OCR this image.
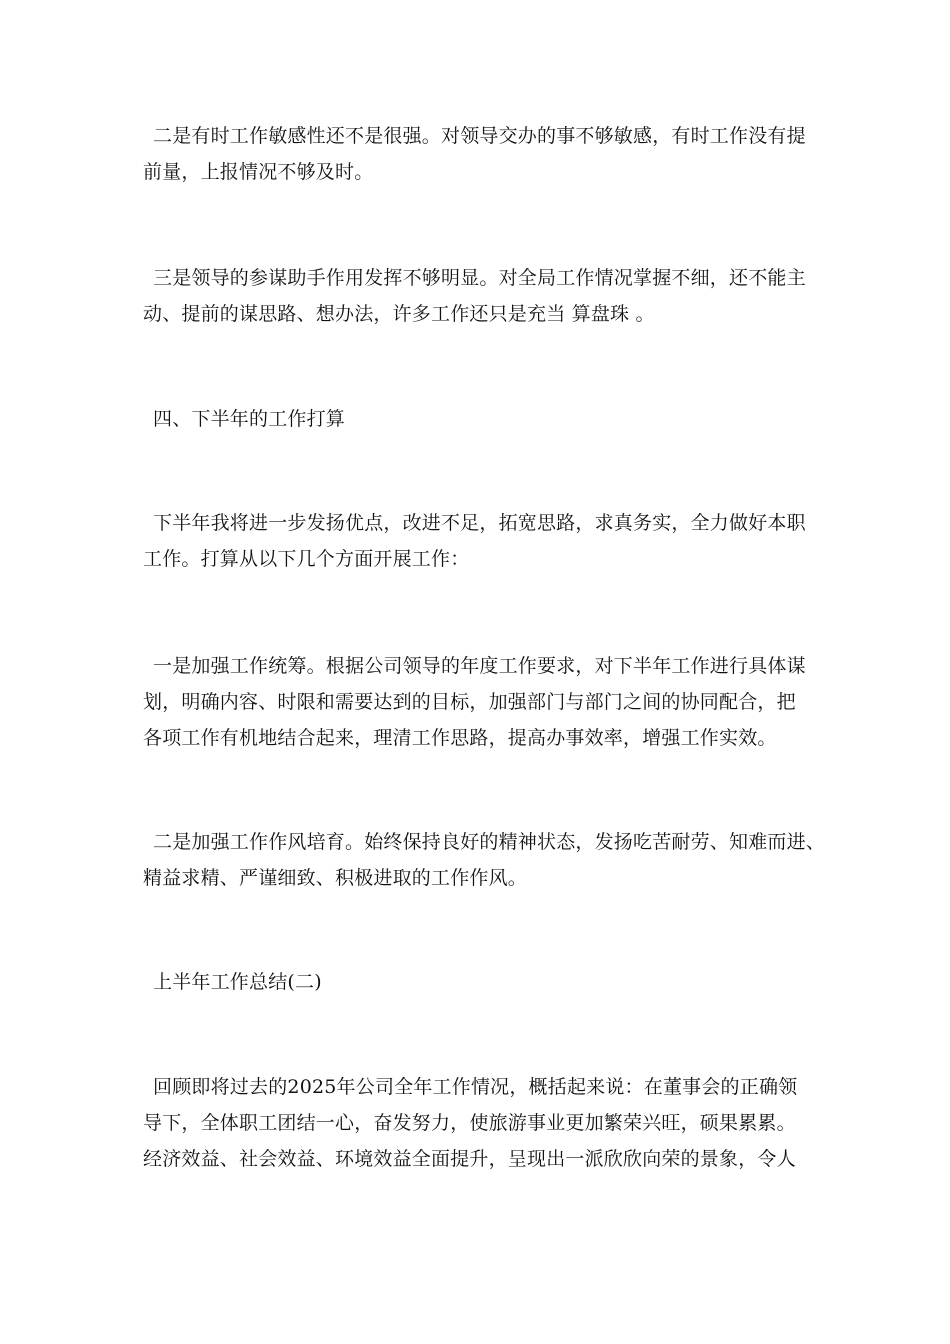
二是有时工作敏感性还不是很强。对领导交办的事不够敏感，有时工作没有提
前量，上报情况不够及时。

三是领导的参谋助手作用发挥不够明显。对全局工作情况掌握不细，还不能主
动、提前的谋思路、想办法，许多工作还只是充当 算盘珠 。

四、下半年的工作打算

下半年我将进一步发扬优点，改进不足，拓宽思路，求真务实，全力做好本职
工作。打算从以下几个方面开展工作：

一是加强工作统筹。根据公司领导的年度工作要求，对下半年工作进行具体谋
划，明确内容、时限和需要达到的目标，加强部门与部门之间的协同配合，把
各项工作有机地结合起来，理清工作思路，提高办事效率，增强工作实效。

二是加强工作作风培育。始终保持良好的精神状态，发扬吃苦耐劳、知难而进、
精益求精、严谨细致、积极进取的工作作风。

上半年工作总结(二)

回顾即将过去的2025年公司全年工作情况，概括起来说：在董事会的正确领
导下，全体职工团结一心，奋发努力，使旅游事业更加繁荣兴旺，硕果累累。
经济效益、社会效益、环境效益全面提升，呈现出一派欣欣向荣的景象，令人
